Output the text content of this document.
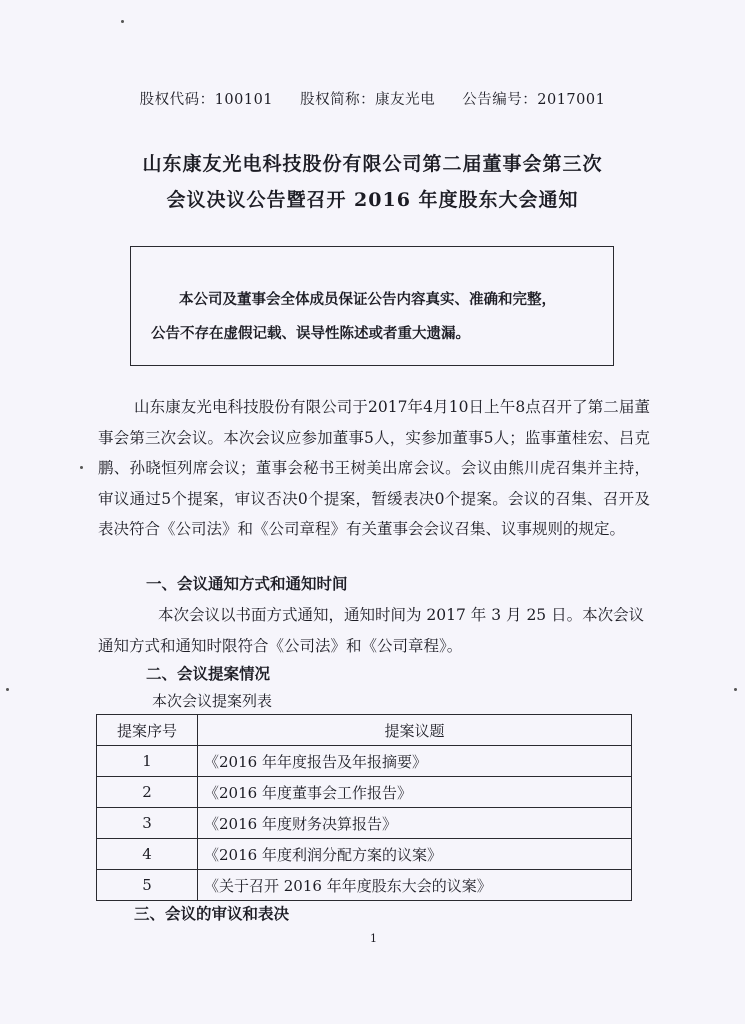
股权代码：100101 股权简称：康友光电 公告编号：2017001
山东康友光电科技股份有限公司第二届董事会第三次
会议决议公告暨召开 2016 年度股东大会通知
本公司及董事会全体成员保证公告内容真实、准确和完整，
公告不存在虚假记载、误导性陈述或者重大遗漏。
山东康友光电科技股份有限公司于2017年4月10日上午8点召开了第二届董事会第三次会议。本次会议应参加董事5人，实参加董事5人；监事董桂宏、吕克鹏、孙晓恒列席会议；董事会秘书王树美出席会议。会议由熊川虎召集并主持，审议通过5个提案，审议否决0个提案，暂缓表决0个提案。会议的召集、召开及表决符合《公司法》和《公司章程》有关董事会会议召集、议事规则的规定。
一、会议通知方式和通知时间
本次会议以书面方式通知，通知时间为 2017 年 3 月 25 日。本次会议通知方式和通知时限符合《公司法》和《公司章程》。
二、会议提案情况
本次会议提案列表
提案序号	提案议题
1	《2016 年年度报告及年报摘要》
2	《2016 年度董事会工作报告》
3	《2016 年度财务决算报告》
4	《2016 年度利润分配方案的议案》
5	《关于召开 2016 年年度股东大会的议案》
三、会议的审议和表决
1
